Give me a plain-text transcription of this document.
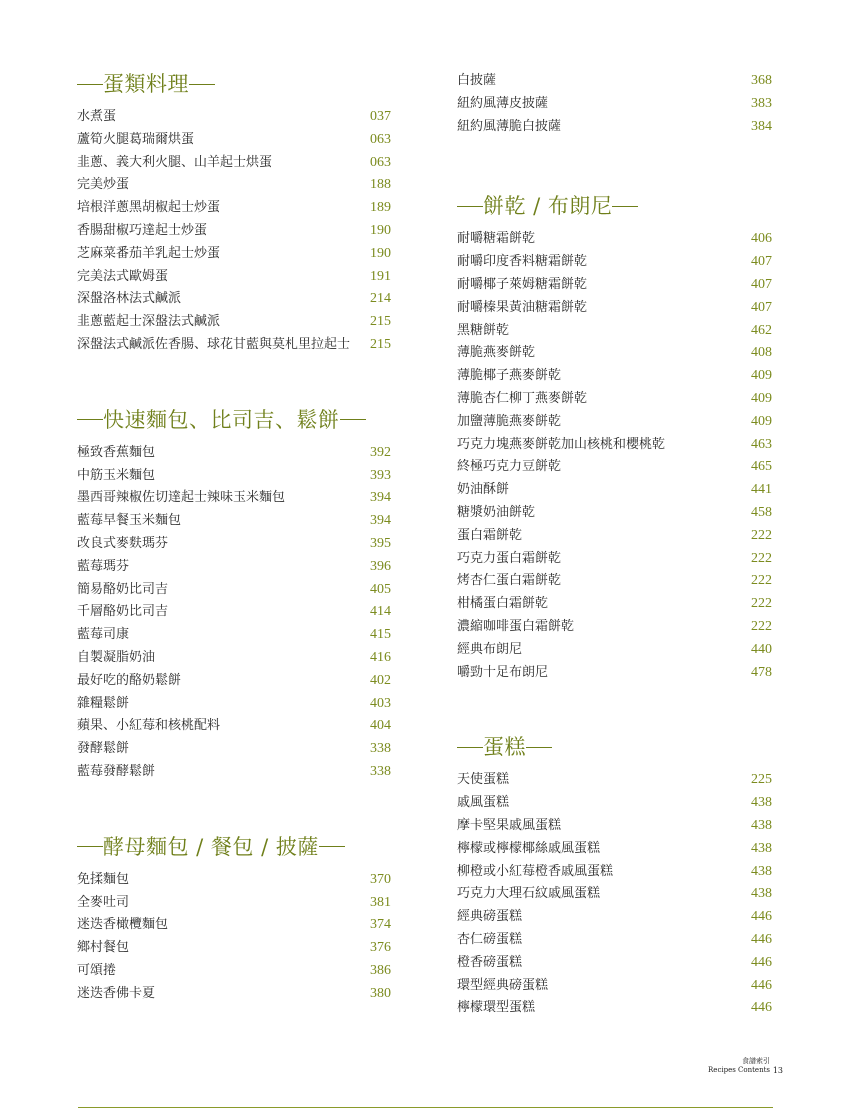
蛋類料理
水煮蛋	037
蘆筍火腿葛瑞爾烘蛋	063
韭蔥、義大利火腿、山羊起士烘蛋	063
完美炒蛋	188
培根洋蔥黑胡椒起士炒蛋	189
香腸甜椒巧達起士炒蛋	190
芝麻菜番茄羊乳起士炒蛋	190
完美法式歐姆蛋	191
深盤洛林法式鹹派	214
韭蔥藍起士深盤法式鹹派	215
深盤法式鹹派佐香腸、球花甘藍與莫札里拉起士 215
快速麵包、比司吉、鬆餅
極致香蕉麵包	392
中筋玉米麵包	393
墨西哥辣椒佐切達起士辣味玉米麵包	394
藍莓早餐玉米麵包	394
改良式麥麩瑪芬	395
藍莓瑪芬	396
簡易酪奶比司吉	405
千層酪奶比司吉	414
藍莓司康	415
自製凝脂奶油	416
最好吃的酪奶鬆餅	402
雜糧鬆餅	403
蘋果、小紅莓和核桃配料	404
發酵鬆餅	338
藍莓發酵鬆餅	338
酵母麵包 / 餐包 / 披薩
免揉麵包	370
全麥吐司	381
迷迭香橄欖麵包	374
鄉村餐包	376
可頌捲	386
迷迭香佛卡夏	380
白披薩	368
紐約風薄皮披薩	383
紐約風薄脆白披薩	384
餅乾 / 布朗尼
耐嚼糖霜餅乾	406
耐嚼印度香料糖霜餅乾	407
耐嚼椰子萊姆糖霜餅乾	407
耐嚼榛果黃油糖霜餅乾	407
黑糖餅乾	462
薄脆燕麥餅乾	408
薄脆椰子燕麥餅乾	409
薄脆杏仁柳丁燕麥餅乾	409
加鹽薄脆燕麥餅乾	409
巧克力塊燕麥餅乾加山核桃和櫻桃乾	463
終極巧克力豆餅乾	465
奶油酥餅	441
糖漿奶油餅乾	458
蛋白霜餅乾	222
巧克力蛋白霜餅乾	222
烤杏仁蛋白霜餅乾	222
柑橘蛋白霜餅乾	222
濃縮咖啡蛋白霜餅乾	222
經典布朗尼	440
嚼勁十足布朗尼	478
蛋糕
天使蛋糕	225
戚風蛋糕	438
摩卡堅果戚風蛋糕	438
檸檬或檸檬椰絲戚風蛋糕	438
柳橙或小紅莓橙香戚風蛋糕	438
巧克力大理石紋戚風蛋糕	438
經典磅蛋糕	446
杏仁磅蛋糕	446
橙香磅蛋糕	446
環型經典磅蛋糕	446
檸檬環型蛋糕	446
食譜索引
Recipes Contents 13
